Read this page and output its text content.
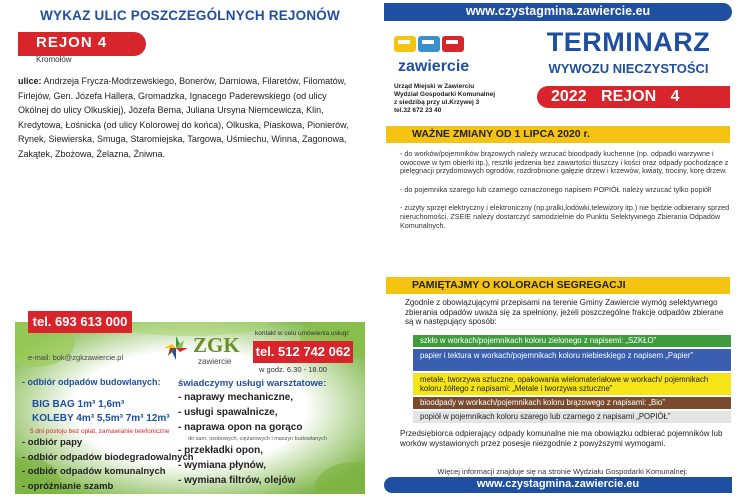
WYKAZ ULIC POSZCZEGÓLNYCH REJONÓW
REJON 4
Kromołów
ulice: Andrzeja Frycza-Modrzewskiego, Bonerów, Darniowa, Filaretów, Filomatów, Firlejów, Gen. Józefa Hallera, Gromadzka, Ignacego Paderewskiego (od ulicy Okólnej do ulicy Olkuskiej), Józefa Bema, Juliana Ursyna Niemcewicza, Klin, Kredytowa, Łośnicka (od ulicy Kolorowej do końca), Olkuska, Piaskowa, Pionierów, Rynek, Siewierska, Smuga, Staromiejska, Targowa, Uśmiechu, Winna, Zagonowa, Zakątek, Zbożowa, Żelazna, Żniwna.
tel. 693 613 000
e-mail: bok@zgkzawiercie.pl
ZGK
zawiercie
kontakt w celu umówienia usługi:
tel. 512 742 062
w godz. 6.30 - 18.00
- odbiór odpadów budowlanych:
BIG BAG 1m³ 1,6m³
KOLEBY 4m³ 5,5m³ 7m³ 12m³
5 dni postoju bez opłat, zamawianie telefoniczne
- odbiór papy
- odbiór odpadów biodegradowalnych
- odbiór odpadów komunalnych
- opróżnianie szamb
świadczymy usługi warsztatowe:
- naprawy mechaniczne,
- usługi spawalnicze,
- naprawa opon na gorąco
do sam. osobowych, ciężarowych i maszyn budowlanych
- przekładki opon,
- wymiana płynów,
- wymiana filtrów, olejów
www.czystagmina.zawiercie.eu
zawiercie
TERMINARZ
WYWOZU NIECZYSTOŚCI
Urząd Miejski w Zawierciu
Wydział Gospodarki Komunalnej
z siedzibą przy ul.Krzywej 3
tel.32 672 23 40
2022 REJON 4
WAŻNE ZMIANY OD 1 LIPCA 2020 r.
- do worków/pojemników brązowych należy wrzucać bioodpady kuchenne (np. odpadki warzywne i owocowe w tym obierki itp.), resztki jedzenia bez zawartości tłuszczy i kości oraz odpady pochodzące z pielęgnacji przydomowych ogrodów, rozdrobnione gałęzie drzew i krzewów, kwiaty, trociny, korę drzew.
- do pojemnika szarego lub czarnego oznaczonego napisem POPIÓŁ należy wrzucać tylko popiół!
- zużyty sprzęt elektryczny i elektroniczny (np.pralki,lodówki,telewizory itp.) nie będzie odbierany sprzed nieruchomości. ZSEIE należy dostarczyć samodzielnie do Punktu Selektywnego Zbierania Odpadów Komunalnych.
PAMIĘTAJMY O KOLORACH SEGREGACJI
Zgodnie z obowiązującymi przepisami na terenie Gminy Zawiercie wymóg selektywnego zbierania odpadów uważa się za spełniony, jeżeli poszczególne frakcje odpadów zbierane są w następujący sposób:
szkło w workach/pojemnikach koloru zielonego z napisemi: „SZKŁO”
papier i tektura w workach/pojemnikach koloru niebieskiego z napisem „Papier”
metale, tworzywa sztuczne, opakowania wielomateriałowe w workach/ pojemnikach koloru żółtego z napisami: „Metale i tworzywa sztuczne”
bioodpady w workach/pojemnikach koloru brązowego z napisami: „Bio”
popiół w pojemnikach koloru szarego lub czarnego z napisami „POPIÓŁ”
Przedsiębiorca odpierający odpady komunalne nie ma obowiązku odbierać pojemników lub worków wystawionych przez posesje niezgodnie z powyższymi wymogami.
Więcej informacji znajduje się na stronie Wydziału Gospodarki Komunalnej:
www.czystagmina.zawiercie.eu
